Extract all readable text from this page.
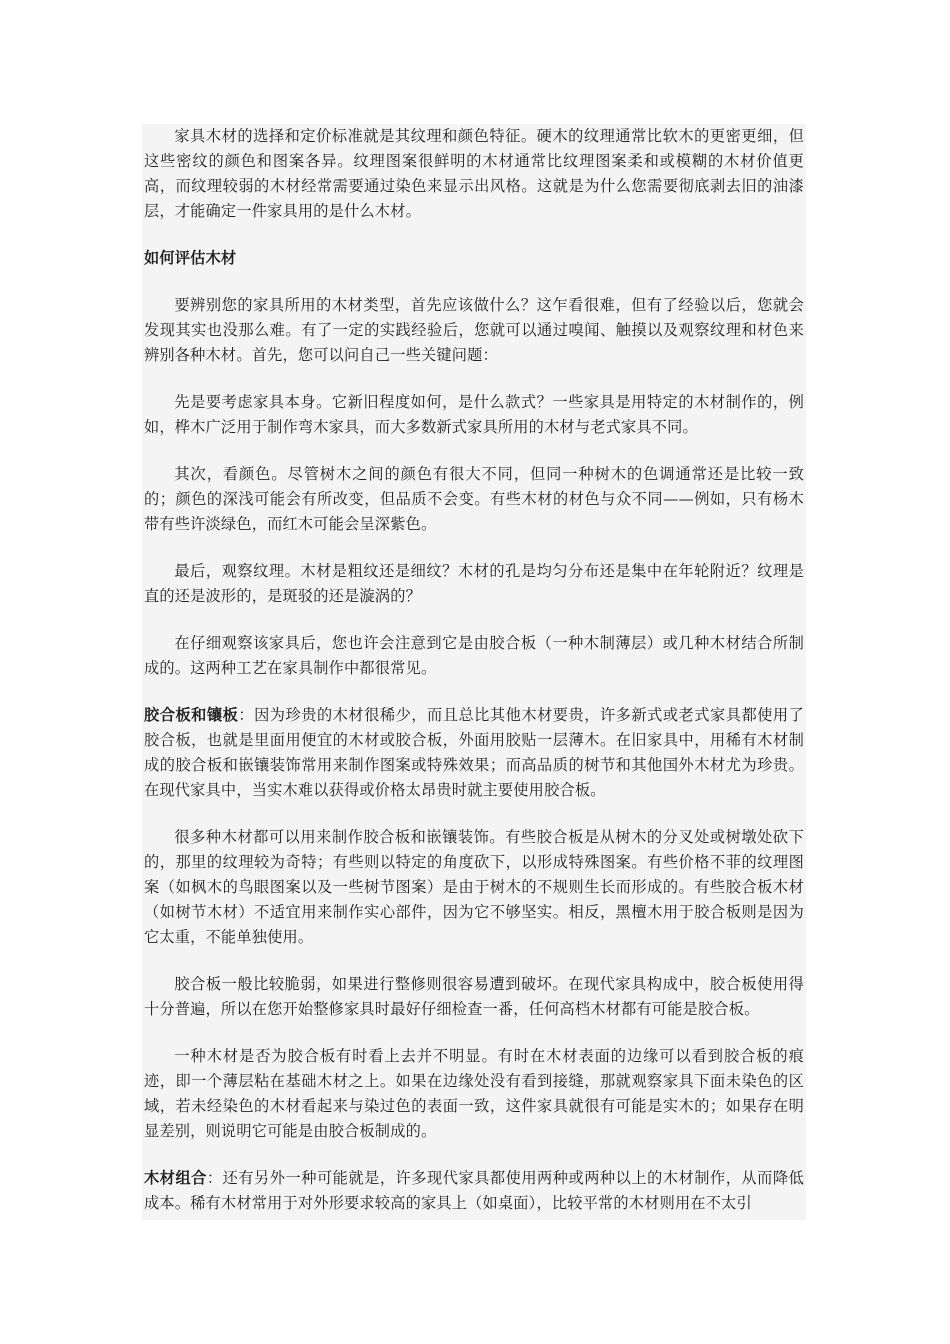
家具木材的选择和定价标准就是其纹理和颜色特征。硬木的纹理通常比软木的更密更细，但这些密纹的颜色和图案各异。纹理图案很鲜明的木材通常比纹理图案柔和或模糊的木材价值更高，而纹理较弱的木材经常需要通过染色来显示出风格。这就是为什么您需要彻底剥去旧的油漆层，才能确定一件家具用的是什么木材。

如何评估木材

要辨别您的家具所用的木材类型，首先应该做什么？这乍看很难，但有了经验以后，您就会发现其实也没那么难。有了一定的实践经验后，您就可以通过嗅闻、触摸以及观察纹理和材色来辨别各种木材。首先，您可以问自己一些关键问题：

先是要考虑家具本身。它新旧程度如何，是什么款式？一些家具是用特定的木材制作的，例如，桦木广泛用于制作弯木家具，而大多数新式家具所用的木材与老式家具不同。

其次，看颜色。尽管树木之间的颜色有很大不同，但同一种树木的色调通常还是比较一致的；颜色的深浅可能会有所改变，但品质不会变。有些木材的材色与众不同——例如，只有杨木带有些许淡绿色，而红木可能会呈深紫色。

最后，观察纹理。木材是粗纹还是细纹？木材的孔是均匀分布还是集中在年轮附近？纹理是直的还是波形的，是斑驳的还是漩涡的？

在仔细观察该家具后，您也许会注意到它是由胶合板（一种木制薄层）或几种木材结合所制成的。这两种工艺在家具制作中都很常见。

胶合板和镶板：因为珍贵的木材很稀少，而且总比其他木材要贵，许多新式或老式家具都使用了胶合板，也就是里面用便宜的木材或胶合板，外面用胶贴一层薄木。在旧家具中，用稀有木材制成的胶合板和嵌镶装饰常用来制作图案或特殊效果；而高品质的树节和其他国外木材尤为珍贵。在现代家具中，当实木难以获得或价格太昂贵时就主要使用胶合板。

很多种木材都可以用来制作胶合板和嵌镶装饰。有些胶合板是从树木的分叉处或树墩处砍下的，那里的纹理较为奇特；有些则以特定的角度砍下，以形成特殊图案。有些价格不菲的纹理图案（如枫木的鸟眼图案以及一些树节图案）是由于树木的不规则生长而形成的。有些胶合板木材（如树节木材）不适宜用来制作实心部件，因为它不够坚实。相反，黑檀木用于胶合板则是因为它太重，不能单独使用。

胶合板一般比较脆弱，如果进行整修则很容易遭到破坏。在现代家具构成中，胶合板使用得十分普遍，所以在您开始整修家具时最好仔细检查一番，任何高档木材都有可能是胶合板。

一种木材是否为胶合板有时看上去并不明显。有时在木材表面的边缘可以看到胶合板的痕迹，即一个薄层粘在基础木材之上。如果在边缘处没有看到接缝，那就观察家具下面未染色的区域，若未经染色的木材看起来与染过色的表面一致，这件家具就很有可能是实木的；如果存在明显差别，则说明它可能是由胶合板制成的。

木材组合：还有另外一种可能就是，许多现代家具都使用两种或两种以上的木材制作，从而降低成本。稀有木材常用于对外形要求较高的家具上（如桌面），比较平常的木材则用在不太引
